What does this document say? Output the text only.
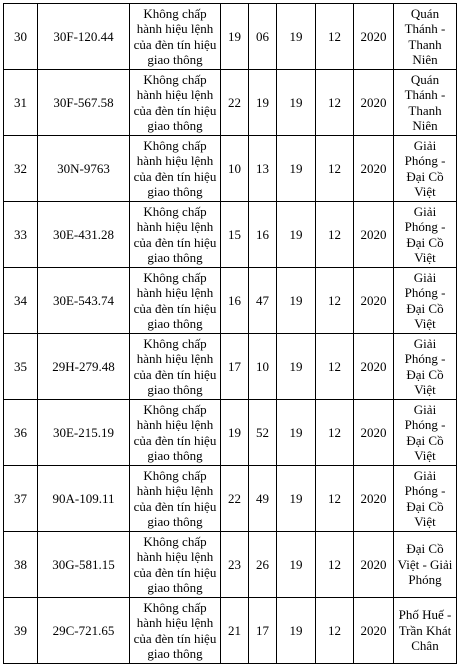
30	30F-120.44	Không chấp hành hiệu lệnh của đèn tín hiệu giao thông	19	06	19	12	2020	Quán Thánh - Thanh Niên
31	30F-567.58	Không chấp hành hiệu lệnh của đèn tín hiệu giao thông	22	19	19	12	2020	Quán Thánh - Thanh Niên
32	30N-9763	Không chấp hành hiệu lệnh của đèn tín hiệu giao thông	10	13	19	12	2020	Giải Phóng - Đại Cồ Việt
33	30E-431.28	Không chấp hành hiệu lệnh của đèn tín hiệu giao thông	15	16	19	12	2020	Giải Phóng - Đại Cồ Việt
34	30E-543.74	Không chấp hành hiệu lệnh của đèn tín hiệu giao thông	16	47	19	12	2020	Giải Phóng - Đại Cồ Việt
35	29H-279.48	Không chấp hành hiệu lệnh của đèn tín hiệu giao thông	17	10	19	12	2020	Giải Phóng - Đại Cồ Việt
36	30E-215.19	Không chấp hành hiệu lệnh của đèn tín hiệu giao thông	19	52	19	12	2020	Giải Phóng - Đại Cồ Việt
37	90A-109.11	Không chấp hành hiệu lệnh của đèn tín hiệu giao thông	22	49	19	12	2020	Giải Phóng - Đại Cồ Việt
38	30G-581.15	Không chấp hành hiệu lệnh của đèn tín hiệu giao thông	23	26	19	12	2020	Đại Cồ Việt - Giải Phóng
39	29C-721.65	Không chấp hành hiệu lệnh của đèn tín hiệu giao thông	21	17	19	12	2020	Phố Huế - Trần Khát Chân
